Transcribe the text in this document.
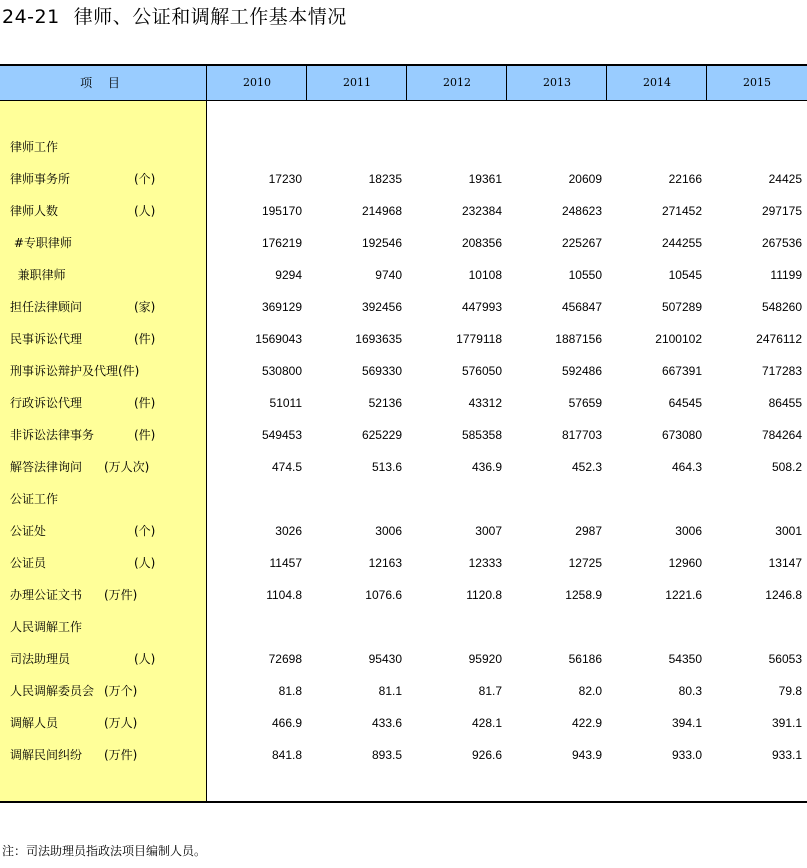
24-21 律师、公证和调解工作基本情况
项 目	2010	2011	2012	2013	2014	2015
律师工作
律师事务所	(个)	17230	18235	19361	20609	22166	24425
律师人数	(人)	195170	214968	232384	248623	271452	297175
#专职律师	176219	192546	208356	225267	244255	267536
兼职律师	9294	9740	10108	10550	10545	11199
担任法律顾问	(家)	369129	392456	447993	456847	507289	548260
民事诉讼代理	(件)	1569043	1693635	1779118	1887156	2100102	2476112
刑事诉讼辩护及代理(件)	530800	569330	576050	592486	667391	717283
行政诉讼代理	(件)	51011	52136	43312	57659	64545	86455
非诉讼法律事务	(件)	549453	625229	585358	817703	673080	784264
解答法律询问 (万人次)	474.5	513.6	436.9	452.3	464.3	508.2
公证工作
公证处	(个)	3026	3006	3007	2987	3006	3001
公证员	(人)	11457	12163	12333	12725	12960	13147
办理公证文书 (万件)	1104.8	1076.6	1120.8	1258.9	1221.6	1246.8
人民调解工作
司法助理员	(人)	72698	95430	95920	56186	54350	56053
人民调解委员会 (万个)	81.8	81.1	81.7	82.0	80.3	79.8
调解人员	(万人)	466.9	433.6	428.1	422.9	394.1	391.1
调解民间纠纷 (万件)	841.8	893.5	926.6	943.9	933.0	933.1
注：司法助理员指政法项目编制人员。
